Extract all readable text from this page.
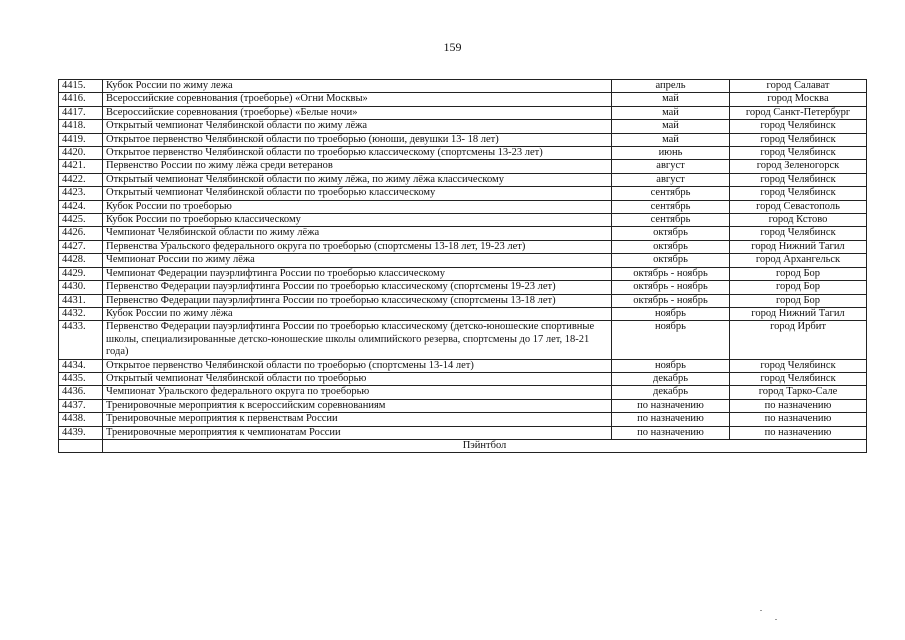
159
4415.	Кубок России по жиму лежа	апрель	город Салават
4416.	Всероссийские соревнования (троеборье) «Огни Москвы»	май	город Москва
4417.	Всероссийские соревнования (троеборье) «Белые ночи»	май	город Санкт-Петербург
4418.	Открытый чемпионат Челябинской области по жиму лёжа	май	город Челябинск
4419.	Открытое первенство Челябинской области по троеборью (юноши, девушки 13- 18 лет)	май	город Челябинск
4420.	Открытое первенство Челябинской области по троеборью классическому (спортсмены 13-23 лет)	июнь	город Челябинск
4421.	Первенство России по жиму лёжа среди ветеранов	август	город Зеленогорск
4422.	Открытый чемпионат Челябинской области по жиму лёжа, по жиму лёжа классическому	август	город Челябинск
4423.	Открытый чемпионат Челябинской области по троеборью классическому	сентябрь	город Челябинск
4424.	Кубок России по троеборью	сентябрь	город Севастополь
4425.	Кубок России по троеборью классическому	сентябрь	город Кстово
4426.	Чемпионат Челябинской области по жиму лёжа	октябрь	город Челябинск
4427.	Первенства Уральского федерального округа по троеборью (спортсмены 13-18 лет, 19-23 лет)	октябрь	город Нижний Тагил
4428.	Чемпионат России по жиму лёжа	октябрь	город Архангельск
4429.	Чемпионат Федерации пауэрлифтинга России по троеборью классическому	октябрь - ноябрь	город Бор
4430.	Первенство Федерации пауэрлифтинга России по троеборью классическому (спортсмены 19-23 лет)	октябрь - ноябрь	город Бор
4431.	Первенство Федерации пауэрлифтинга России по троеборью классическому (спортсмены 13-18 лет)	октябрь - ноябрь	город Бор
4432.	Кубок России по жиму лёжа	ноябрь	город Нижний Тагил
4433.	Первенство Федерации пауэрлифтинга России по троеборью классическому (детско-юношеские спортивные школы, специализированные детско-юношеские школы олимпийского резерва, спортсмены до 17 лет, 18-21 года)	ноябрь	город Ирбит
4434.	Открытое первенство Челябинской области по троеборью (спортсмены 13-14 лет)	ноябрь	город Челябинск
4435.	Открытый чемпионат Челябинской области по троеборью	декабрь	город Челябинск
4436.	Чемпионат Уральского федерального округа по троеборью	декабрь	город Тарко-Сале
4437.	Тренировочные мероприятия к всероссийским соревнованиям	по назначению	по назначению
4438.	Тренировочные мероприятия к первенствам России	по назначению	по назначению
4439.	Тренировочные мероприятия к чемпионатам России	по назначению	по назначению
	Пэйнтбол		
